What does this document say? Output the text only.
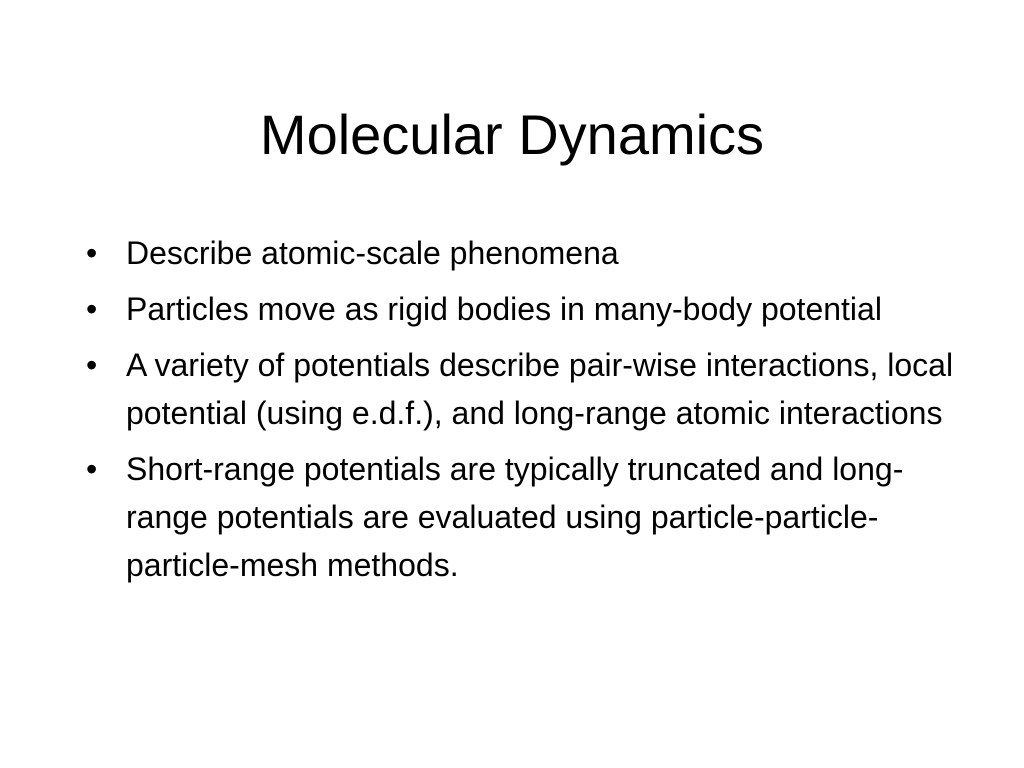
Molecular Dynamics
• Describe atomic-scale phenomena
• Particles move as rigid bodies in many-body potential
• A variety of potentials describe pair-wise interactions, local potential (using e.d.f.), and long-range atomic interactions
• Short-range potentials are typically truncated and long-range potentials are evaluated using particle-particle-particle-mesh methods.
